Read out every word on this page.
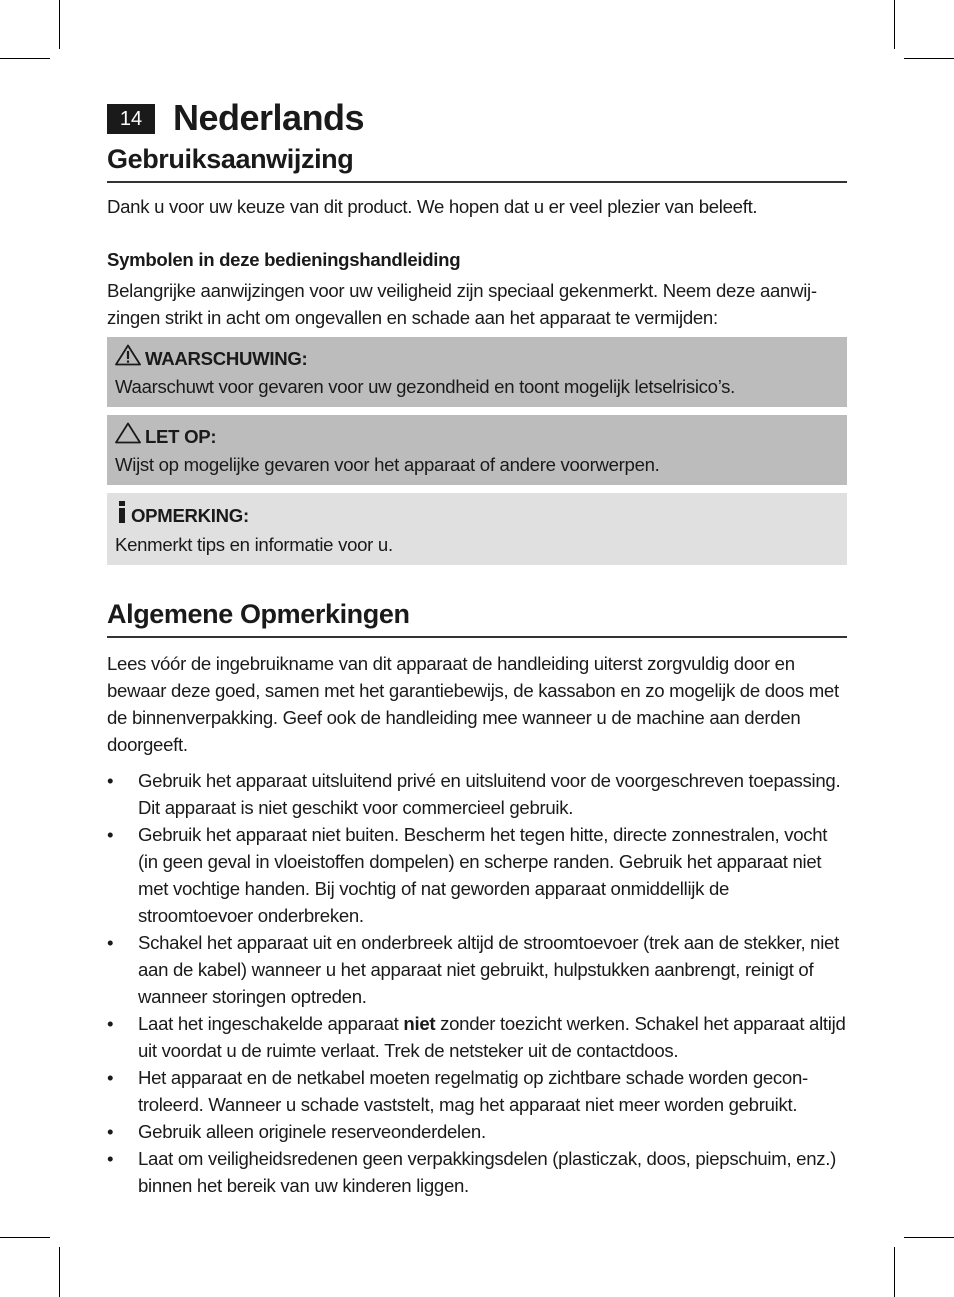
14 Nederlands
Gebruiksaanwijzing

Dank u voor uw keuze van dit product. We hopen dat u er veel plezier van beleeft.

Symbolen in deze bedieningshandleiding

Belangrijke aanwijzingen voor uw veiligheid zijn speciaal gekenmerkt. Neem deze aanwijzingen strikt in acht om ongevallen en schade aan het apparaat te vermijden:

WAARSCHUWING:
Waarschuwt voor gevaren voor uw gezondheid en toont mogelijk letselrisico’s.
LET OP:
Wijst op mogelijke gevaren voor het apparaat of andere voorwerpen.
OPMERKING:
Kenmerkt tips en informatie voor u.
Algemene Opmerkingen

Lees vóór de ingebruikname van dit apparaat de handleiding uiterst zorgvuldig door en bewaar deze goed, samen met het garantiebewijs, de kassabon en zo mogelijk de doos met de binnenverpakking. Geef ook de handleiding mee wanneer u de machine aan derden doorgeeft.

• Gebruik het apparaat uitsluitend privé en uitsluitend voor de voorgeschreven toepassing. Dit apparaat is niet geschikt voor commercieel gebruik.
• Gebruik het apparaat niet buiten. Bescherm het tegen hitte, directe zonnestralen, vocht (in geen geval in vloeistoffen dompelen) en scherpe randen. Gebruik het apparaat niet met vochtige handen. Bij vochtig of nat geworden apparaat onmiddellijk de stroomtoevoer onderbreken.
• Schakel het apparaat uit en onderbreek altijd de stroomtoevoer (trek aan de stekker, niet aan de kabel) wanneer u het apparaat niet gebruikt, hulpstukken aanbrengt, reinigt of wanneer storingen optreden.
• Laat het ingeschakelde apparaat niet zonder toezicht werken. Schakel het apparaat altijd uit voordat u de ruimte verlaat. Trek de netsteker uit de contactdoos.
• Het apparaat en de netkabel moeten regelmatig op zichtbare schade worden gecontroleerd. Wanneer u schade vaststelt, mag het apparaat niet meer worden gebruikt.
• Gebruik alleen originele reserveonderdelen.
• Laat om veiligheidsredenen geen verpakkingsdelen (plasticzak, doos, piepschuim, enz.) binnen het bereik van uw kinderen liggen.
